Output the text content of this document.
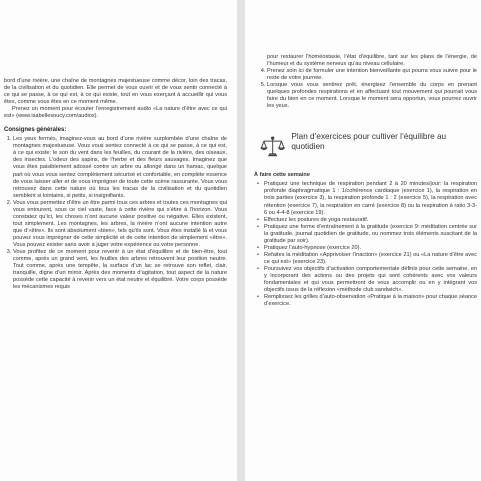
bord d’une rivière, une chaîne de montagnes majestueuse comme décor, loin des tracas, de la civilisation et du quotidien. Elle permet de vous ouvrir et de vous sentir connecté à ce qui se passe, à ce qui est, à ce qui existe, tout en vous exerçant à accueillir qui vous êtes, comme vous êtes en ce moment même.

Prenez un moment pour écouter l’enregistrement audio «La nature d’être avec ce qui est» (www.isabellesoucy.com/audios).

Consignes générales:
1. Les yeux fermés, imaginez-vous au bord d’une rivière surplombée d’une chaîne de montagnes majestueuse. Vous vous sentez connecté à ce qui se passe, à ce qui est, à ce qui existe: le son du vent dans les feuilles, du courant de la rivière, des oiseaux, des insectes. L’odeur des sapins, de l’herbe et des fleurs sauvages. Imaginez que vous êtes paisiblement adossé contre un arbre ou allongé dans un hamac, quelque part où vous vous sentez complètement sécurisé et confortable, en complète essence de vous laisser aller et de vous imprégner de toute cette scène rassurante. Vous vous retrouvez dans cette nature où tous les tracas de la civilisation et du quotidien semblent si lointains, si petits, si insignifiants.
2. Vous vous permettez d’être un être parmi tous ces arbres et toutes ces montagnes qui vous entourent, sous ce ciel vaste, face à cette rivière qui s’étire à l’horizon. Vous constatez qu’ici, les choses n’ont aucune valeur positive ou négative. Elles existent, tout simplement. Les montagnes, les arbres, la rivière n’ont aucune intention autre que d’«être». Ils sont absolument «bien», tels qu’ils sont. Vous êtes installé là et vous pouvez vous imprégner de cette simplicité et de cette intention de simplement «être». Vous pouvez exister sans avoir à juger votre expérience ou votre personne.
3. Vous profitez de ce moment pour revenir à un état d’équilibre et de bien-être, tout comme, après un grand vent, les feuilles des arbres retrouvent leur position neutre. Tout comme, après une tempête, la surface d’un lac se retrouve son reflet, clair, tranquille, digne d’un miroir. Après des moments d’agitation, tout aspect de la nature possède cette capacité à revenir vers un état neutre et équilibré. Votre corps possède les mécanismes requis

pour restaurer l’homéostasie, l’état d’équilibre, tant sur les plans de l’énergie, de l’humeur et du système nerveux qu’au niveau cellulaire.

4. Prenez soin ici de formuler une intention bienveillante qui pourra vous suivre pour le reste de votre journée.
5. Lorsque vous vous sentirez prêt, énergisez l’ensemble du corps en prenant quelques profondes respirations et en affectuant tout mouvement qui pourrait vous faire du bien en ce moment. Lorsque le moment sera opportun, vous pourrez ouvrir les yeux.
Plan d’exercices pour cultiver l’équilibre au quotidien
À faire cette semaine
• Pratiquez une technique de respiration pendant 2 à 20 minutes/jour: la respiration profonde diaphragmatique 1 : 1/cohérence cardiaque (exercice 1), la respiration en trois parties (exercice 3), la respiration profonde 1 : 2 (exercice 5), la respiration avec rétention (exercice 7), la respiration en carré (exercice 8) ou la respiration à ratio 3-3-6 ou 4-4-8 (exercice 19).
• Effectuez les postures de yoga restauratif.
• Pratiquez une forme d’entraînement à la gratitude (exercice 9: méditation centrée sur la gratitude, journal quotidien de gratitude, ou nommez trois éléments suscitant de la gratitude par soir).
• Pratiquez l’auto-hypnose (exercice 20).
• Refaites la méditation «Apprivoiser l’inaction» (exercice 21) ou «La nature d’être avec ce qui est» (exercice 23).
• Poursuivez vos objectifs d’activation comportementale définis pour cette semaine, en y incorporant des actions ou des projets qui sont cohérents avec vos valeurs fondamentales et qui vous permettront de vous accomplir ou en y intégrant vos objectifs issus de la réflexion «méthode club sandwich».
• Remplissez les grilles d’auto-observation «Pratique à la maison» pour chaque séance d’exercice.
